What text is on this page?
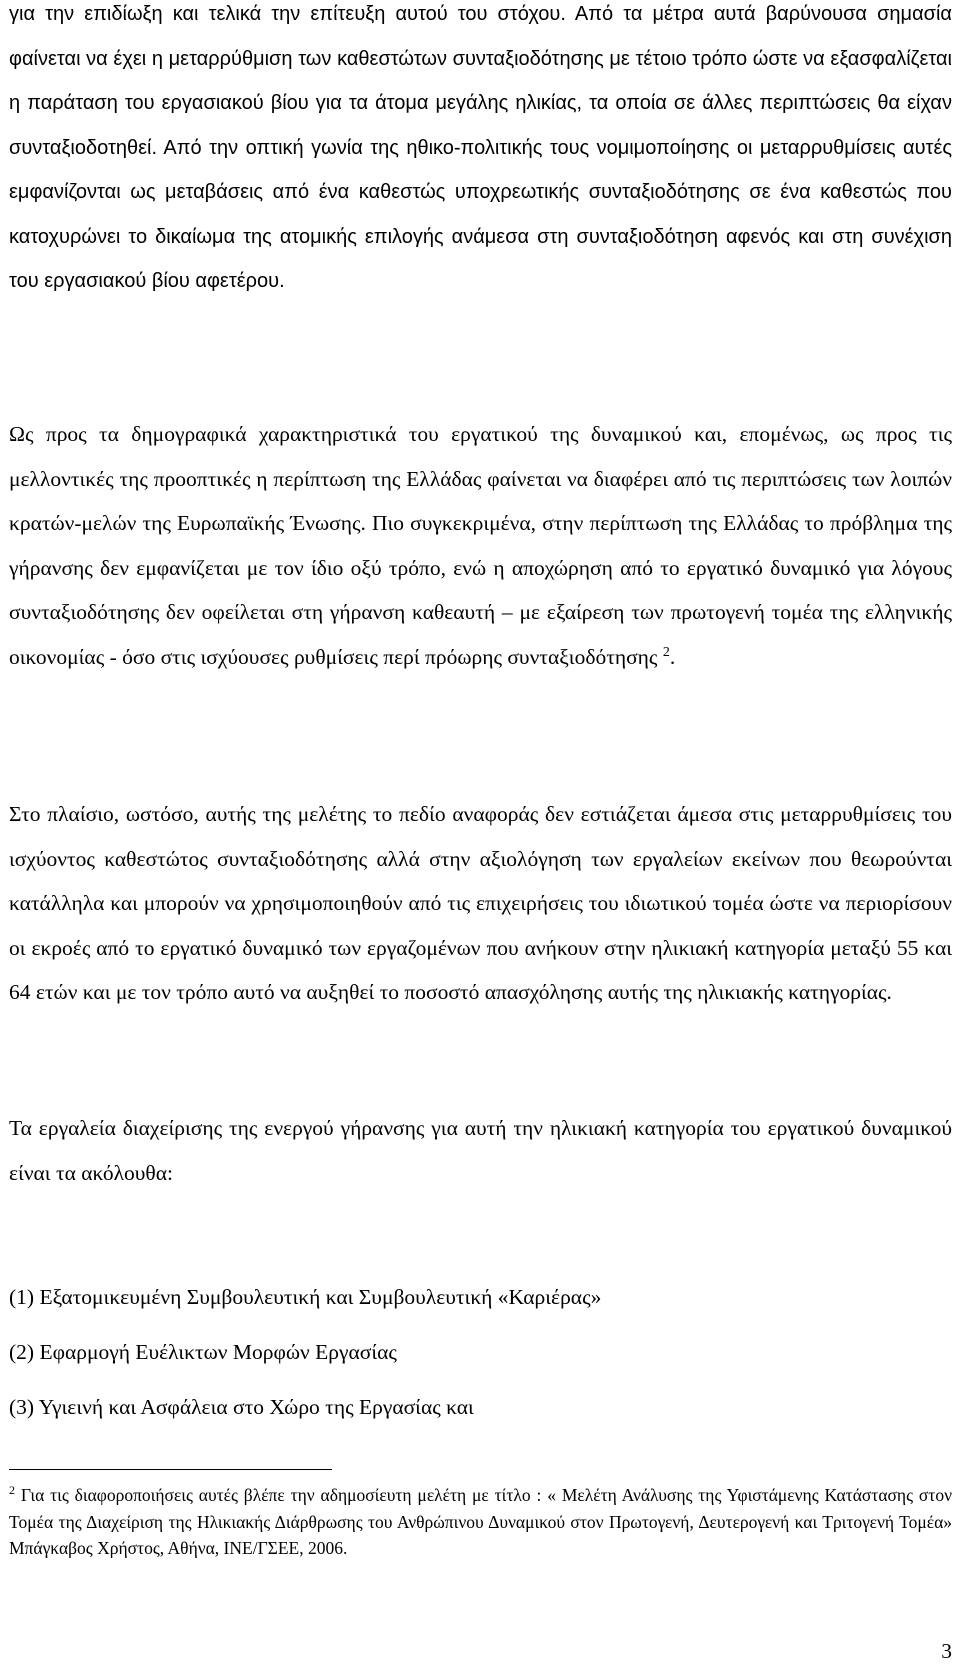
για την επιδίωξη και τελικά την επίτευξη αυτού του στόχου. Από τα μέτρα αυτά βαρύνουσα σημασία φαίνεται να έχει η μεταρρύθμιση των καθεστώτων συνταξιοδότησης με τέτοιο τρόπο ώστε να εξασφαλίζεται η παράταση του εργασιακού βίου για τα άτομα μεγάλης ηλικίας, τα οποία σε άλλες περιπτώσεις θα είχαν συνταξιοδοτηθεί. Από την οπτική γωνία της ηθικο-πολιτικής τους νομιμοποίησης οι μεταρρυθμίσεις αυτές εμφανίζονται ως μεταβάσεις από ένα καθεστώς υποχρεωτικής συνταξιοδότησης σε ένα καθεστώς που κατοχυρώνει το δικαίωμα της ατομικής επιλογής ανάμεσα στη συνταξιοδότηση αφενός και στη συνέχιση του εργασιακού βίου αφετέρου.

Ως προς τα δημογραφικά χαρακτηριστικά του εργατικού της δυναμικού και, επομένως, ως προς τις μελλοντικές της προοπτικές η περίπτωση της Ελλάδας φαίνεται να διαφέρει από τις περιπτώσεις των λοιπών κρατών-μελών της Ευρωπαϊκής Ένωσης. Πιο συγκεκριμένα, στην περίπτωση της Ελλάδας το πρόβλημα της γήρανσης δεν εμφανίζεται με τον ίδιο οξύ τρόπο, ενώ η αποχώρηση από το εργατικό δυναμικό για λόγους συνταξιοδότησης δεν οφείλεται στη γήρανση καθεαυτή – με εξαίρεση των πρωτογενή τομέα της ελληνικής οικονομίας - όσο στις ισχύουσες ρυθμίσεις περί πρόωρης συνταξιοδότησης $^2$.

Στο πλαίσιο, ωστόσο, αυτής της μελέτης το πεδίο αναφοράς δεν εστιάζεται άμεσα στις μεταρρυθμίσεις του ισχύοντος καθεστώτος συνταξιοδότησης αλλά στην αξιολόγηση των εργαλείων εκείνων που θεωρούνται κατάλληλα και μπορούν να χρησιμοποιηθούν από τις επιχειρήσεις του ιδιωτικού τομέα ώστε να περιορίσουν οι εκροές από το εργατικό δυναμικό των εργαζομένων που ανήκουν στην ηλικιακή κατηγορία μεταξύ 55 και 64 ετών και με τον τρόπο αυτό να αυξηθεί το ποσοστό απασχόλησης αυτής της ηλικιακής κατηγορίας.

Τα εργαλεία διαχείρισης της ενεργού γήρανσης για αυτή την ηλικιακή κατηγορία του εργατικού δυναμικού είναι τα ακόλουθα:

(1) Εξατομικευμένη Συμβουλευτική και Συμβουλευτική «Καριέρας»
(2) Εφαρμογή Ευέλικτων Μορφών Εργασίας
(3) Υγιεινή και Ασφάλεια στο Χώρο της Εργασίας και

$^2$ Για τις διαφοροποιήσεις αυτές βλέπε την αδημοσίευτη μελέτη με τίτλο : « Μελέτη Ανάλυσης της Υφιστάμενης Κατάστασης στον Τομέα της Διαχείριση της Ηλικιακής Διάρθρωσης του Ανθρώπινου Δυναμικού στον Πρωτογενή, Δευτερογενή και Τριτογενή Τομέα» Μπάγκαβος Χρήστος, Αθήνα, ΙΝΕ/ΓΣΕΕ, 2006.

3
